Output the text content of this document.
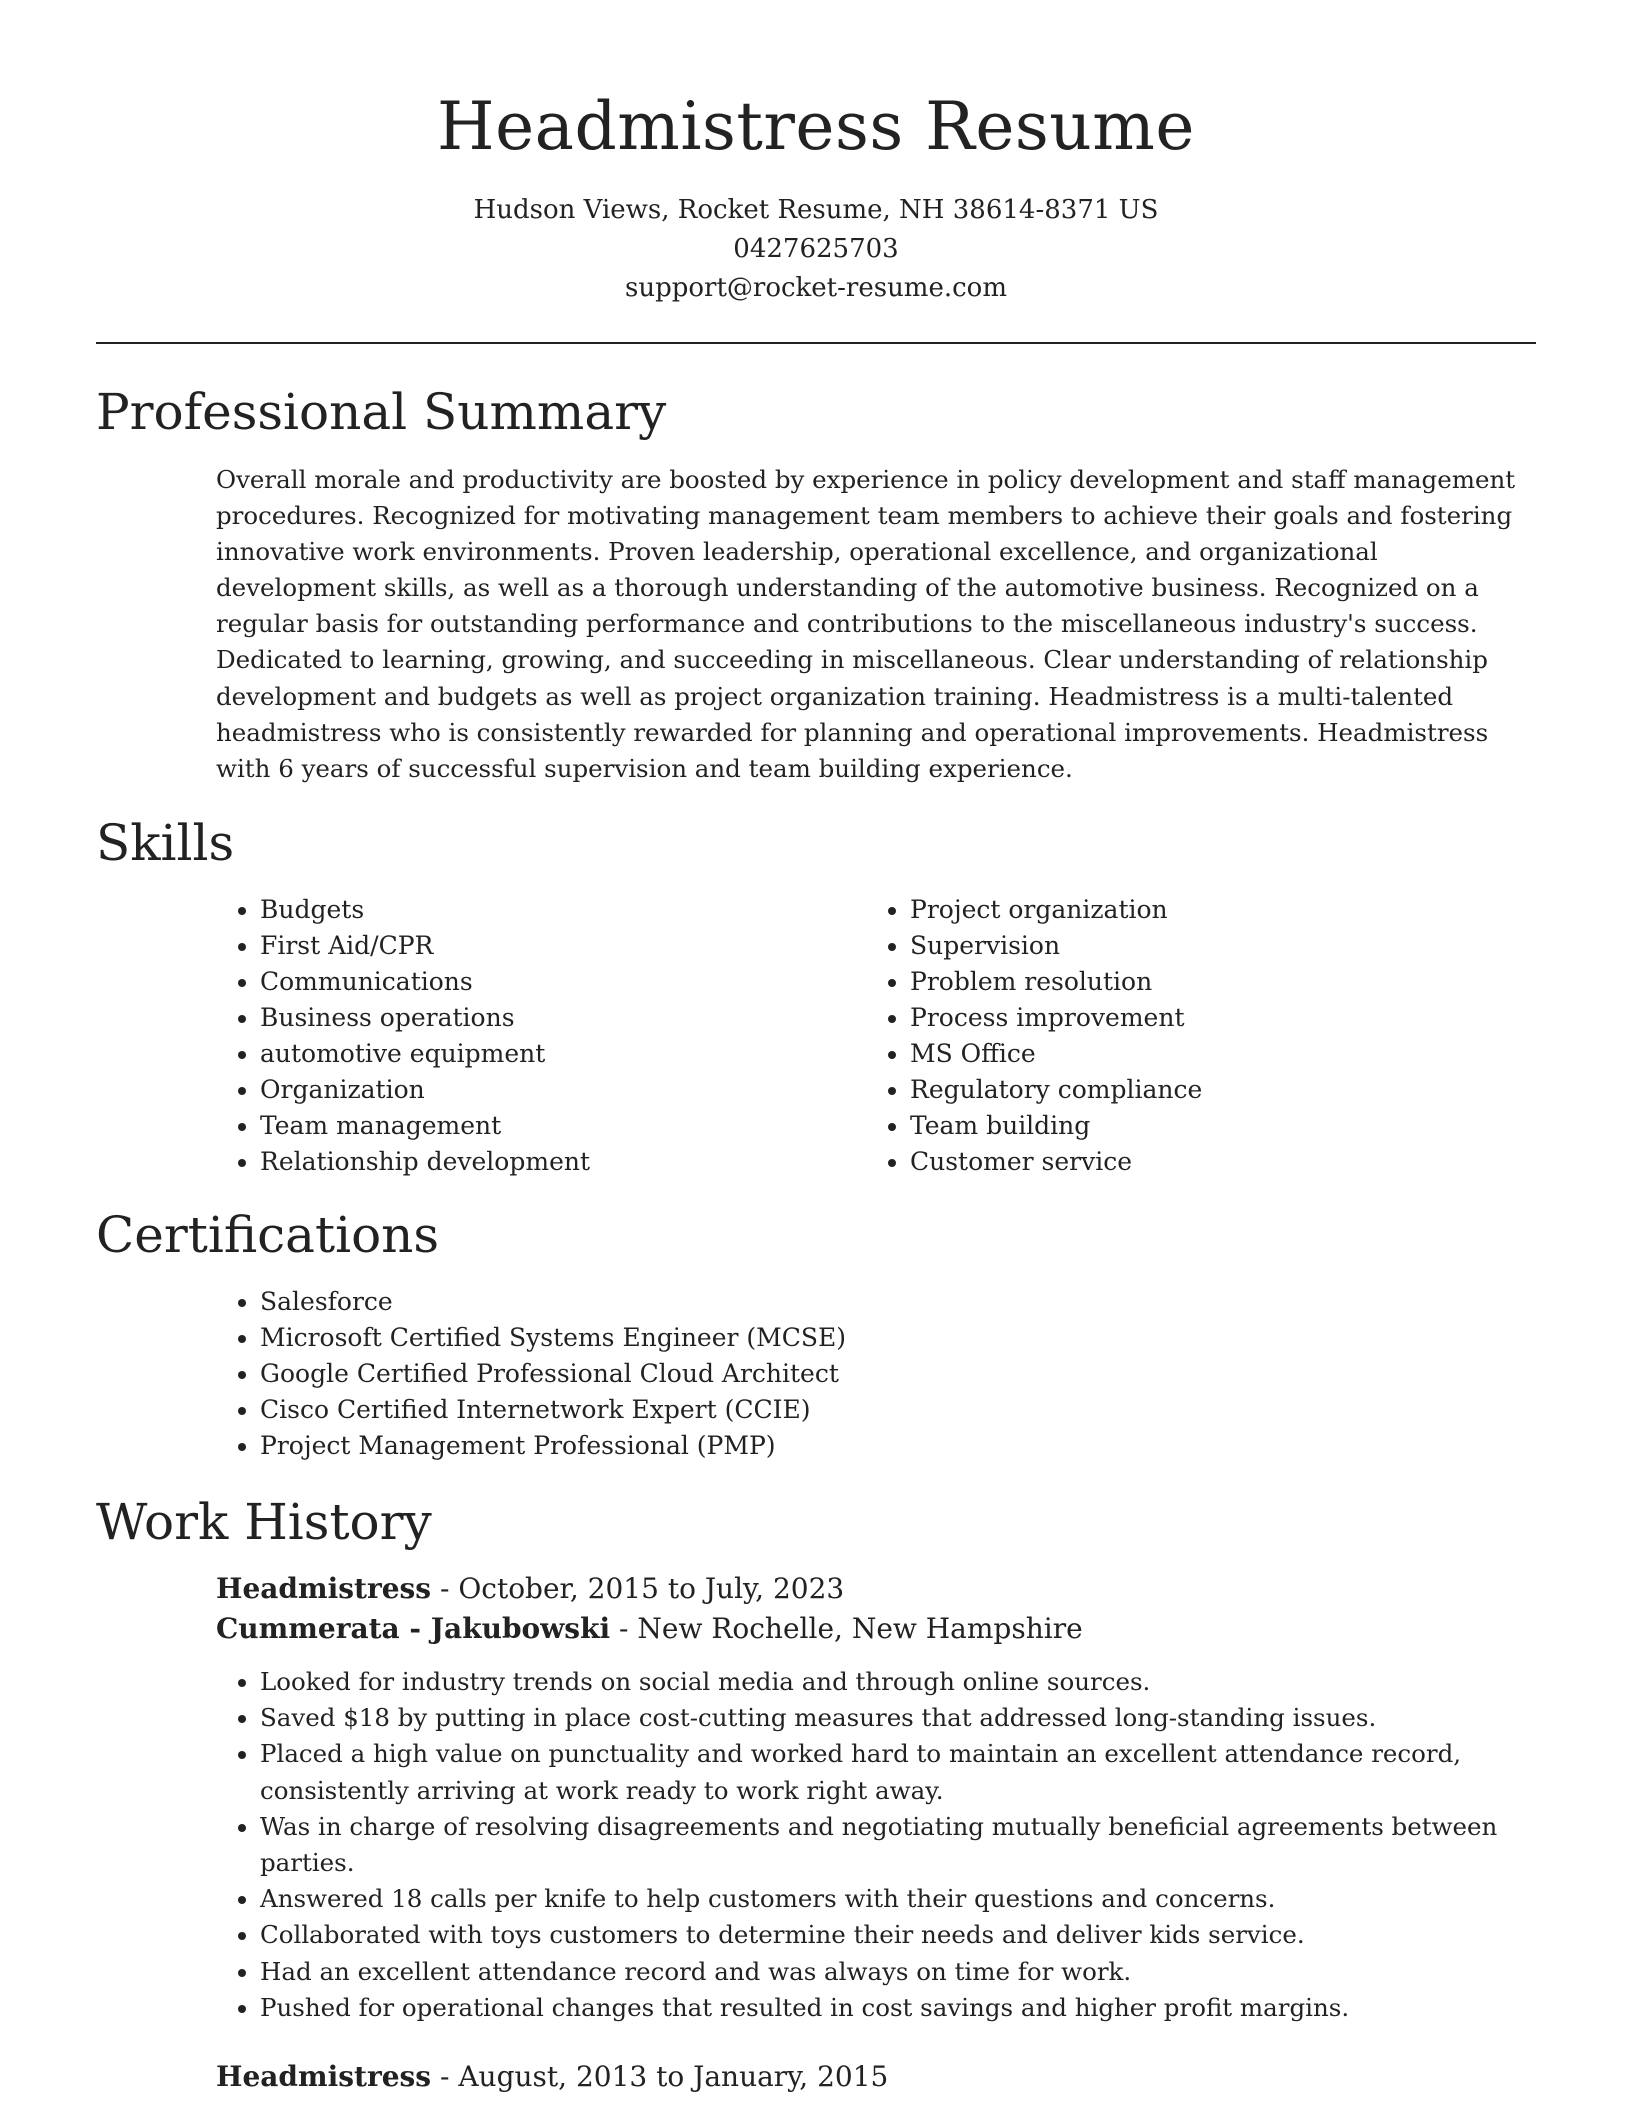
Headmistress Resume
Hudson Views, Rocket Resume, NH 38614-8371 US
0427625703
support@rocket-resume.com
Professional Summary

Overall morale and productivity are boosted by experience in policy development and staff management procedures. Recognized for motivating management team members to achieve their goals and fostering innovative work environments. Proven leadership, operational excellence, and organizational development skills, as well as a thorough understanding of the automotive business. Recognized on a regular basis for outstanding performance and contributions to the miscellaneous industry's success. Dedicated to learning, growing, and succeeding in miscellaneous. Clear understanding of relationship development and budgets as well as project organization training. Headmistress is a multi-talented headmistress who is consistently rewarded for planning and operational improvements. Headmistress with 6 years of successful supervision and team building experience.

Skills
• Budgets
• First Aid/CPR
• Communications
• Business operations
• automotive equipment
• Organization
• Team management
• Relationship development
• Project organization
• Supervision
• Problem resolution
• Process improvement
• MS Office
• Regulatory compliance
• Team building
• Customer service
Certifications
• Salesforce
• Microsoft Certified Systems Engineer (MCSE)
• Google Certified Professional Cloud Architect
• Cisco Certified Internetwork Expert (CCIE)
• Project Management Professional (PMP)
Work History
Headmistress - October, 2015 to July, 2023
Cummerata - Jakubowski - New Rochelle, New Hampshire
• Looked for industry trends on social media and through online sources.
• Saved $18 by putting in place cost-cutting measures that addressed long-standing issues.
• Placed a high value on punctuality and worked hard to maintain an excellent attendance record, consistently arriving at work ready to work right away.
• Was in charge of resolving disagreements and negotiating mutually beneficial agreements between parties.
• Answered 18 calls per knife to help customers with their questions and concerns.
• Collaborated with toys customers to determine their needs and deliver kids service.
• Had an excellent attendance record and was always on time for work.
• Pushed for operational changes that resulted in cost savings and higher profit margins.
Headmistress - August, 2013 to January, 2015
